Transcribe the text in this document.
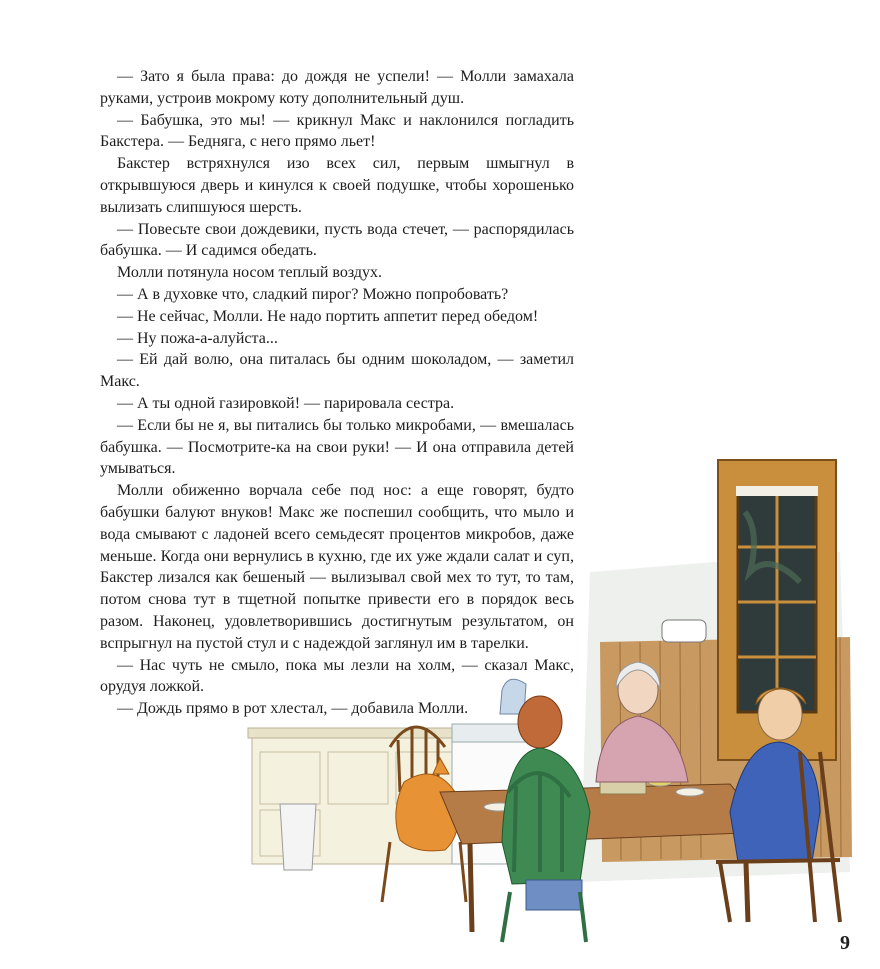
— Зато я была права: до дождя не успели! — Молли замахала руками, устроив мокрому коту дополнительный душ.

— Бабушка, это мы! — крикнул Макс и наклонился погладить Бакстера. — Бедняга, с него прямо льет!

Бакстер встряхнулся изо всех сил, первым шмыгнул в открывшуюся дверь и кинулся к своей подушке, чтобы хорошенько вылизать слипшуюся шерсть.

— Повесьте свои дождевики, пусть вода стечет, — распорядилась бабушка. — И садимся обедать.

Молли потянула носом теплый воздух.

— А в духовке что, сладкий пирог? Можно попробовать?

— Не сейчас, Молли. Не надо портить аппетит перед обедом!

— Ну пожа-а-алуйста...

— Ей дай волю, она питалась бы одним шоколадом, — заметил Макс.

— А ты одной газировкой! — парировала сестра.

— Если бы не я, вы питались бы только микробами, — вмешалась бабушка. — Посмотрите-ка на свои руки! — И она отправила детей умываться.

Молли обиженно ворчала себе под нос: а еще говорят, будто бабушки балуют внуков! Макс же поспешил сообщить, что мыло и вода смывают с ладоней всего семьдесят процентов микробов, даже меньше. Когда они вернулись в кухню, где их уже ждали салат и суп, Бакстер лизался как бешеный — вылизывал свой мех то тут, то там, потом снова тут в тщетной попытке привести его в порядок весь разом. Наконец, удовлетворившись достигнутым результатом, он вспрыгнул на пустой стул и с надеждой заглянул им в тарелки.

— Нас чуть не смыло, пока мы лезли на холм, — сказал Макс, орудуя ложкой.

— Дождь прямо в рот хлестал, — добавила Молли.

9
